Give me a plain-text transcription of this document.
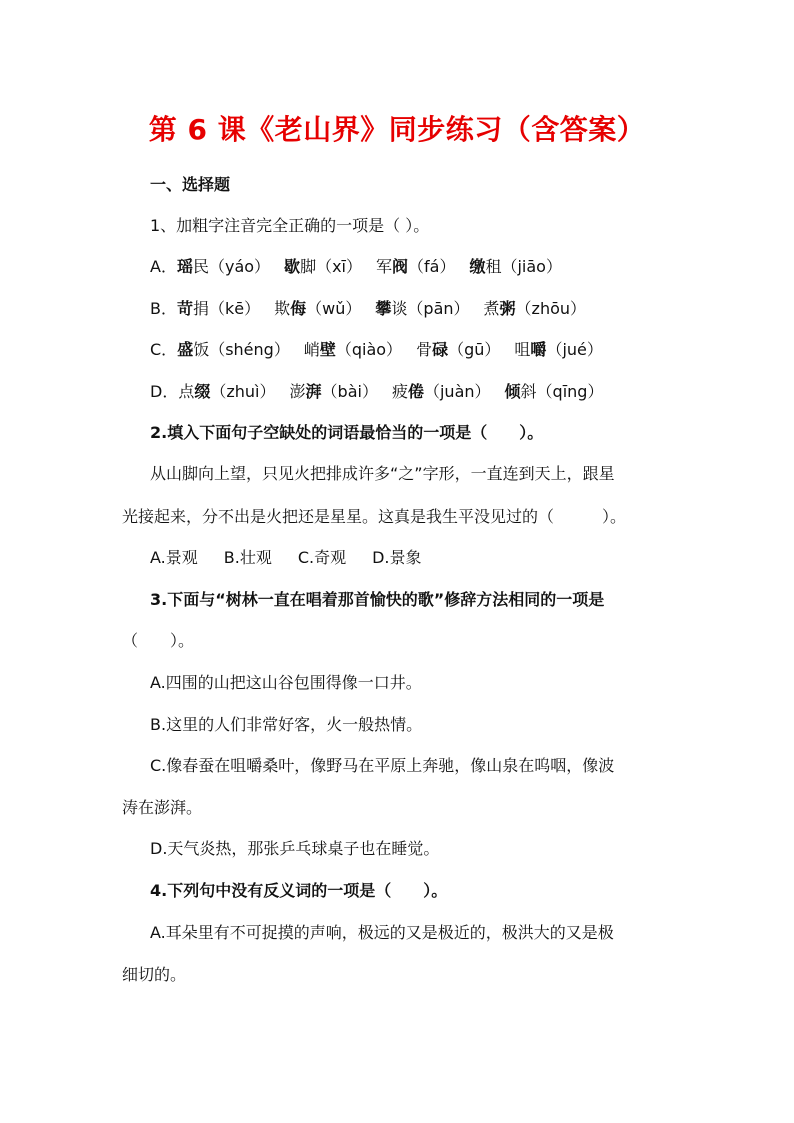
第 6 课《老山界》同步练习（含答案）
一、选择题
1、加粗字注音完全正确的一项是（ ）。
2.填入下面句子空缺处的词语最恰当的一项是（　　）。
从山脚向上望，只见火把排成许多“之”字形，一直连到天上，跟星
光接起来，分不出是火把还是星星。这真是我生平没见过的（　　　）。
A.景观 B.壮观 C.奇观 D.景象
3.下面与“树林一直在唱着那首愉快的歌”修辞方法相同的一项是
（　　）。
A.四围的山把这山谷包围得像一口井。
B.这里的人们非常好客，火一般热情。
C.像春蚕在咀嚼桑叶，像野马在平原上奔驰，像山泉在呜咽，像波
涛在澎湃。
D.天气炎热，那张乒乓球桌子也在睡觉。
4.下列句中没有反义词的一项是（　　）。
A.耳朵里有不可捉摸的声响，极远的又是极近的，极洪大的又是极
细切的。
A．瑶民（yáo） 歇脚（xī） 军阀（fá） 缴租（jiāo）
B．苛捐（kē） 欺侮（wǔ） 攀谈（pān） 煮粥（zhōu）
C．盛饭（shéng） 峭壁（qiào） 骨碌（gū） 咀嚼（jué）
D．点缀（zhuì） 澎湃（bài） 疲倦（juàn） 倾斜（qīng）
